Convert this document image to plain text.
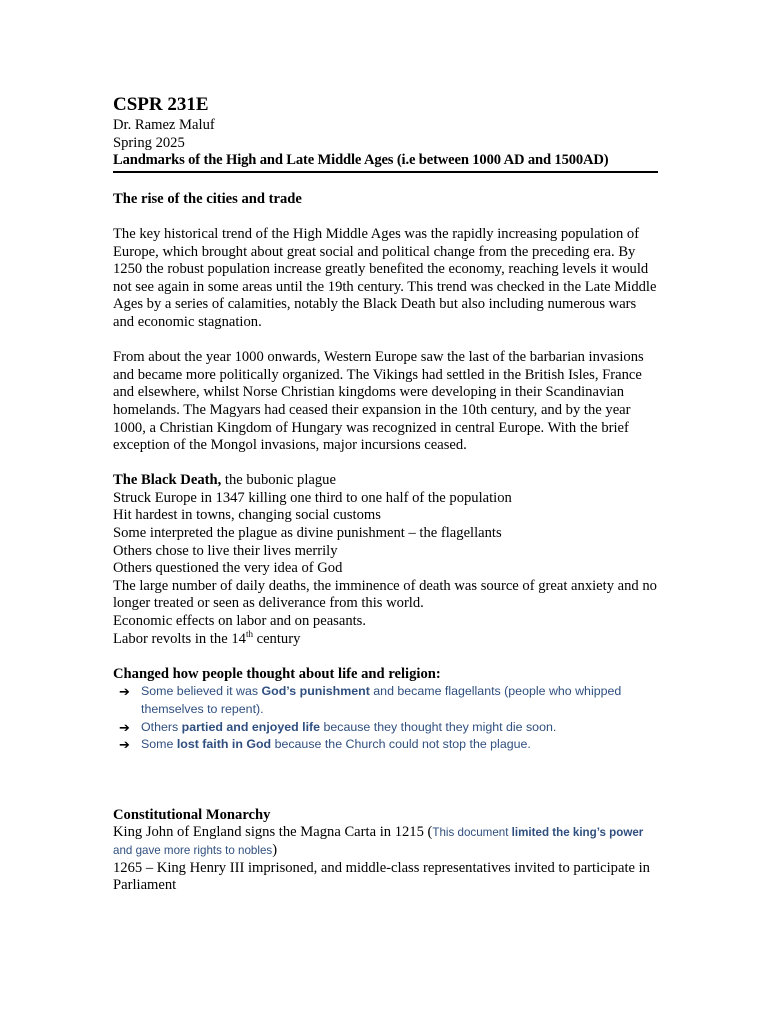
CSPR 231E

Dr. Ramez Maluf

Spring 2025

Landmarks of the High and Late Middle Ages (i.e between 1000 AD and 1500AD)

The rise of the cities and trade

The key historical trend of the High Middle Ages was the rapidly increasing population of Europe, which brought about great social and political change from the preceding era. By 1250 the robust population increase greatly benefited the economy, reaching levels it would not see again in some areas until the 19th century. This trend was checked in the Late Middle Ages by a series of calamities, notably the Black Death but also including numerous wars and economic stagnation.

From about the year 1000 onwards, Western Europe saw the last of the barbarian invasions and became more politically organized. The Vikings had settled in the British Isles, France and elsewhere, whilst Norse Christian kingdoms were developing in their Scandinavian homelands. The Magyars had ceased their expansion in the 10th century, and by the year 1000, a Christian Kingdom of Hungary was recognized in central Europe. With the brief exception of the Mongol invasions, major incursions ceased.

The Black Death, the bubonic plague

Struck Europe in 1347 killing one third to one half of the population

Hit hardest in towns, changing social customs

Some interpreted the plague as divine punishment – the flagellants

Others chose to live their lives merrily

Others questioned the very idea of God

The large number of daily deaths, the imminence of death was source of great anxiety and no longer treated or seen as deliverance from this world.

Economic effects on labor and on peasants.

Labor revolts in the 14th century

Changed how people thought about life and religion:

➔ Some believed it was God’s punishment and became flagellants (people who whipped themselves to repent).
➔ Others partied and enjoyed life because they thought they might die soon.
➔ Some lost faith in God because the Church could not stop the plague.

Constitutional Monarchy

King John of England signs the Magna Carta in 1215 (This document limited the king’s power and gave more rights to nobles)

1265 – King Henry III imprisoned, and middle-class representatives invited to participate in Parliament
